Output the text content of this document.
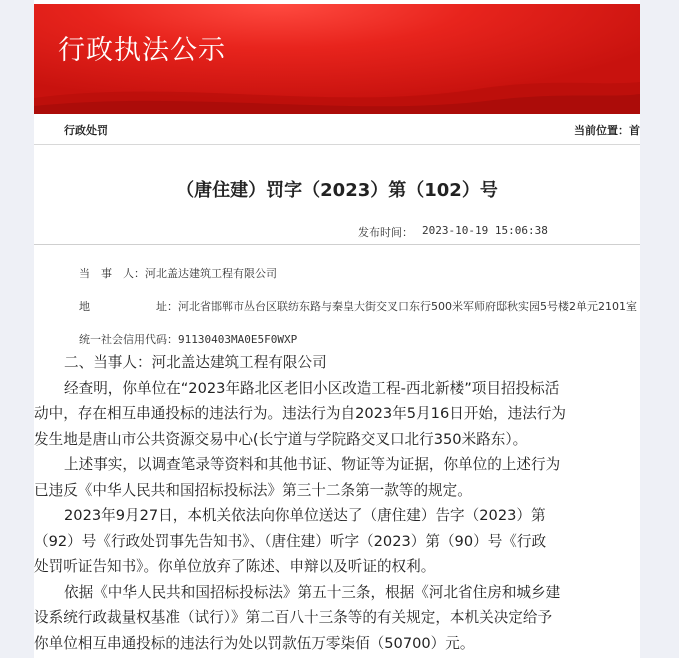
行政执法公示
行政处罚	当前位置：首
（唐住建）罚字（2023）第（102）号
发布时间： 2023-10-19 15:06:38
当　事　人：河北盖达建筑工程有限公司
地	址：河北省邯郸市丛台区联纺东路与秦皇大街交叉口东行500米军师府邸秋实园5号楼2单元2101室
统一社会信用代码：91130403MA0E5F0WXP

二、当事人：河北盖达建筑工程有限公司

经查明，你单位在“2023年路北区老旧小区改造工程-西北新楼”项目招投标活

动中，存在相互串通投标的违法行为。违法行为自2023年5月16日开始，违法行为

发生地是唐山市公共资源交易中心(长宁道与学院路交叉口北行350米路东）。

上述事实，以调查笔录等资料和其他书证、物证等为证据，你单位的上述行为

已违反《中华人民共和国招标投标法》第三十二条第一款等的规定。

2023年9月27日，本机关依法向你单位送达了（唐住建）告字（2023）第

（92）号《行政处罚事先告知书》、（唐住建）听字（2023）第（90）号《行政

处罚听证告知书》。你单位放弃了陈述、申辩以及听证的权利。

依据《中华人民共和国招标投标法》第五十三条，根据《河北省住房和城乡建

设系统行政裁量权基准（试行）》第二百八十三条等的有关规定，本机关决定给予

你单位相互串通投标的违法行为处以罚款伍万零柒佰（50700）元。
